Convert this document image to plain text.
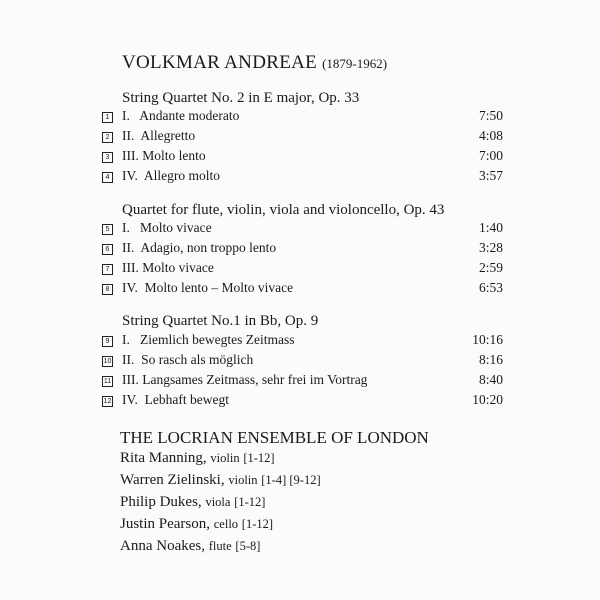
VOLKMAR ANDREAE (1879-1962)
String Quartet No. 2 in E major, Op. 33
1 I.   Andante moderato	7:50
2 II.  Allegretto	4:08
3 III. Molto lento	7:00
4 IV.  Allegro molto	3:57
Quartet for flute, violin, viola and violoncello, Op. 43
5 I.   Molto vivace	1:40
6 II.  Adagio, non troppo lento	3:28
7 III. Molto vivace	2:59
8 IV.  Molto lento – Molto vivace	6:53
String Quartet No.1 in Bb, Op. 9
9 I.   Ziemlich bewegtes Zeitmass	10:16
10 II.  So rasch als möglich	8:16
11 III. Langsames Zeitmass, sehr frei im Vortrag	8:40
12 IV.  Lebhaft bewegt	10:20
THE LOCRIAN ENSEMBLE OF LONDON
Rita Manning, violin [1-12]
Warren Zielinski, violin [1-4] [9-12]
Philip Dukes, viola [1-12]
Justin Pearson, cello [1-12]
Anna Noakes, flute [5-8]
